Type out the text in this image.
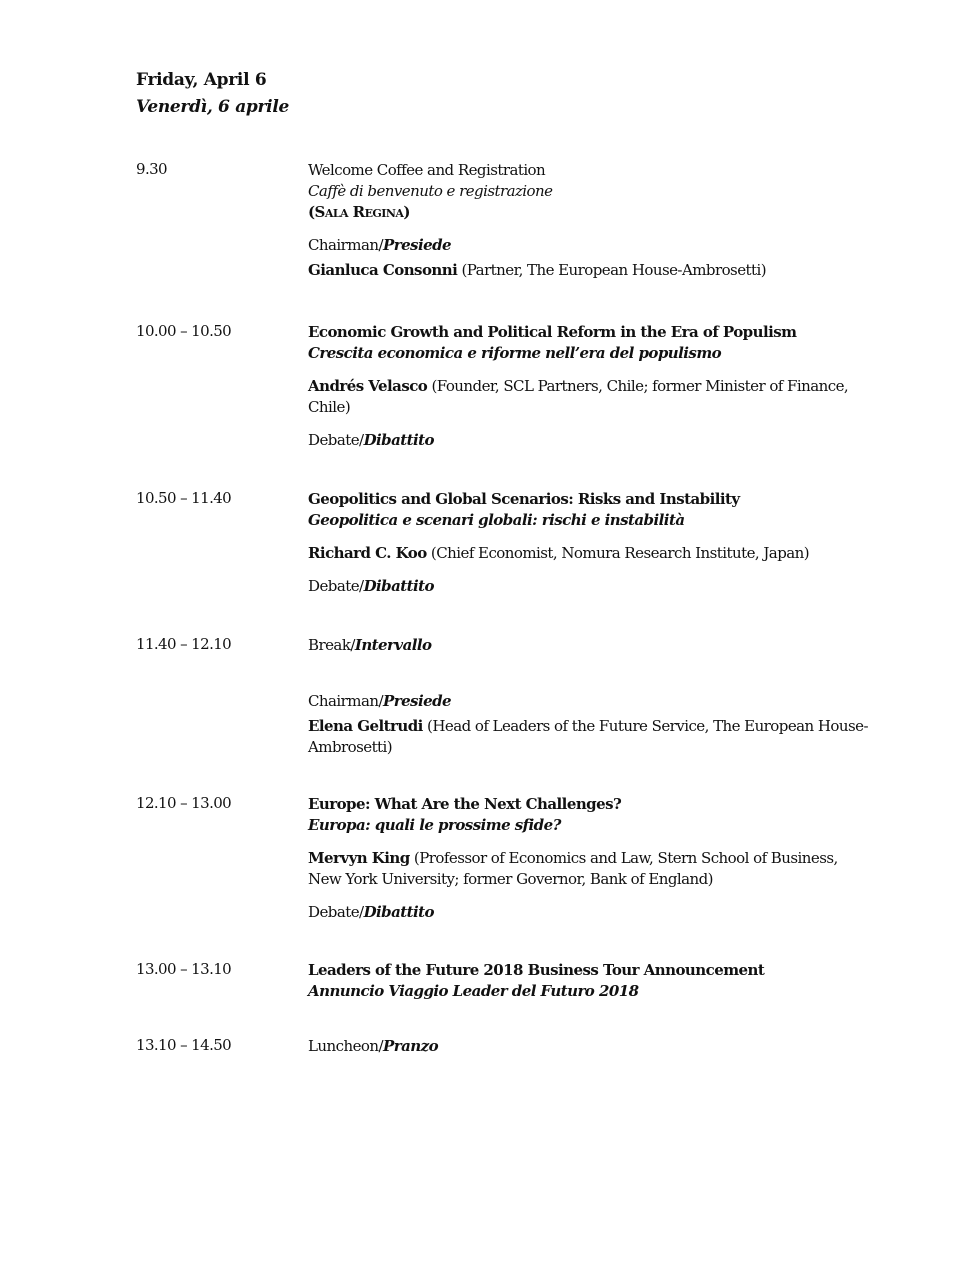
Friday, April 6
Venerdì, 6 aprile
9.30	Welcome Coffee and Registration
Caffè di benvenuto e registrazione
(Sala Regina)
Chairman/Presiede
Gianluca Consonni (Partner, The European House-Ambrosetti)
10.00 – 10.50	Economic Growth and Political Reform in the Era of Populism
Crescita economica e riforme nell’era del populismo
Andrés Velasco (Founder, SCL Partners, Chile; former Minister of Finance, Chile)
Debate/Dibattito
10.50 – 11.40	Geopolitics and Global Scenarios: Risks and Instability
Geopolitica e scenari globali: rischi e instabilità
Richard C. Koo (Chief Economist, Nomura Research Institute, Japan)
Debate/Dibattito
11.40 – 12.10	Break/Intervallo
Chairman/Presiede
Elena Geltrudi (Head of Leaders of the Future Service, The European House-Ambrosetti)
12.10 – 13.00	Europe: What Are the Next Challenges?
Europa: quali le prossime sfide?
Mervyn King (Professor of Economics and Law, Stern School of Business, New York University; former Governor, Bank of England)
Debate/Dibattito
13.00 – 13.10	Leaders of the Future 2018 Business Tour Announcement
Annuncio Viaggio Leader del Futuro 2018
13.10 – 14.50	Luncheon/Pranzo
